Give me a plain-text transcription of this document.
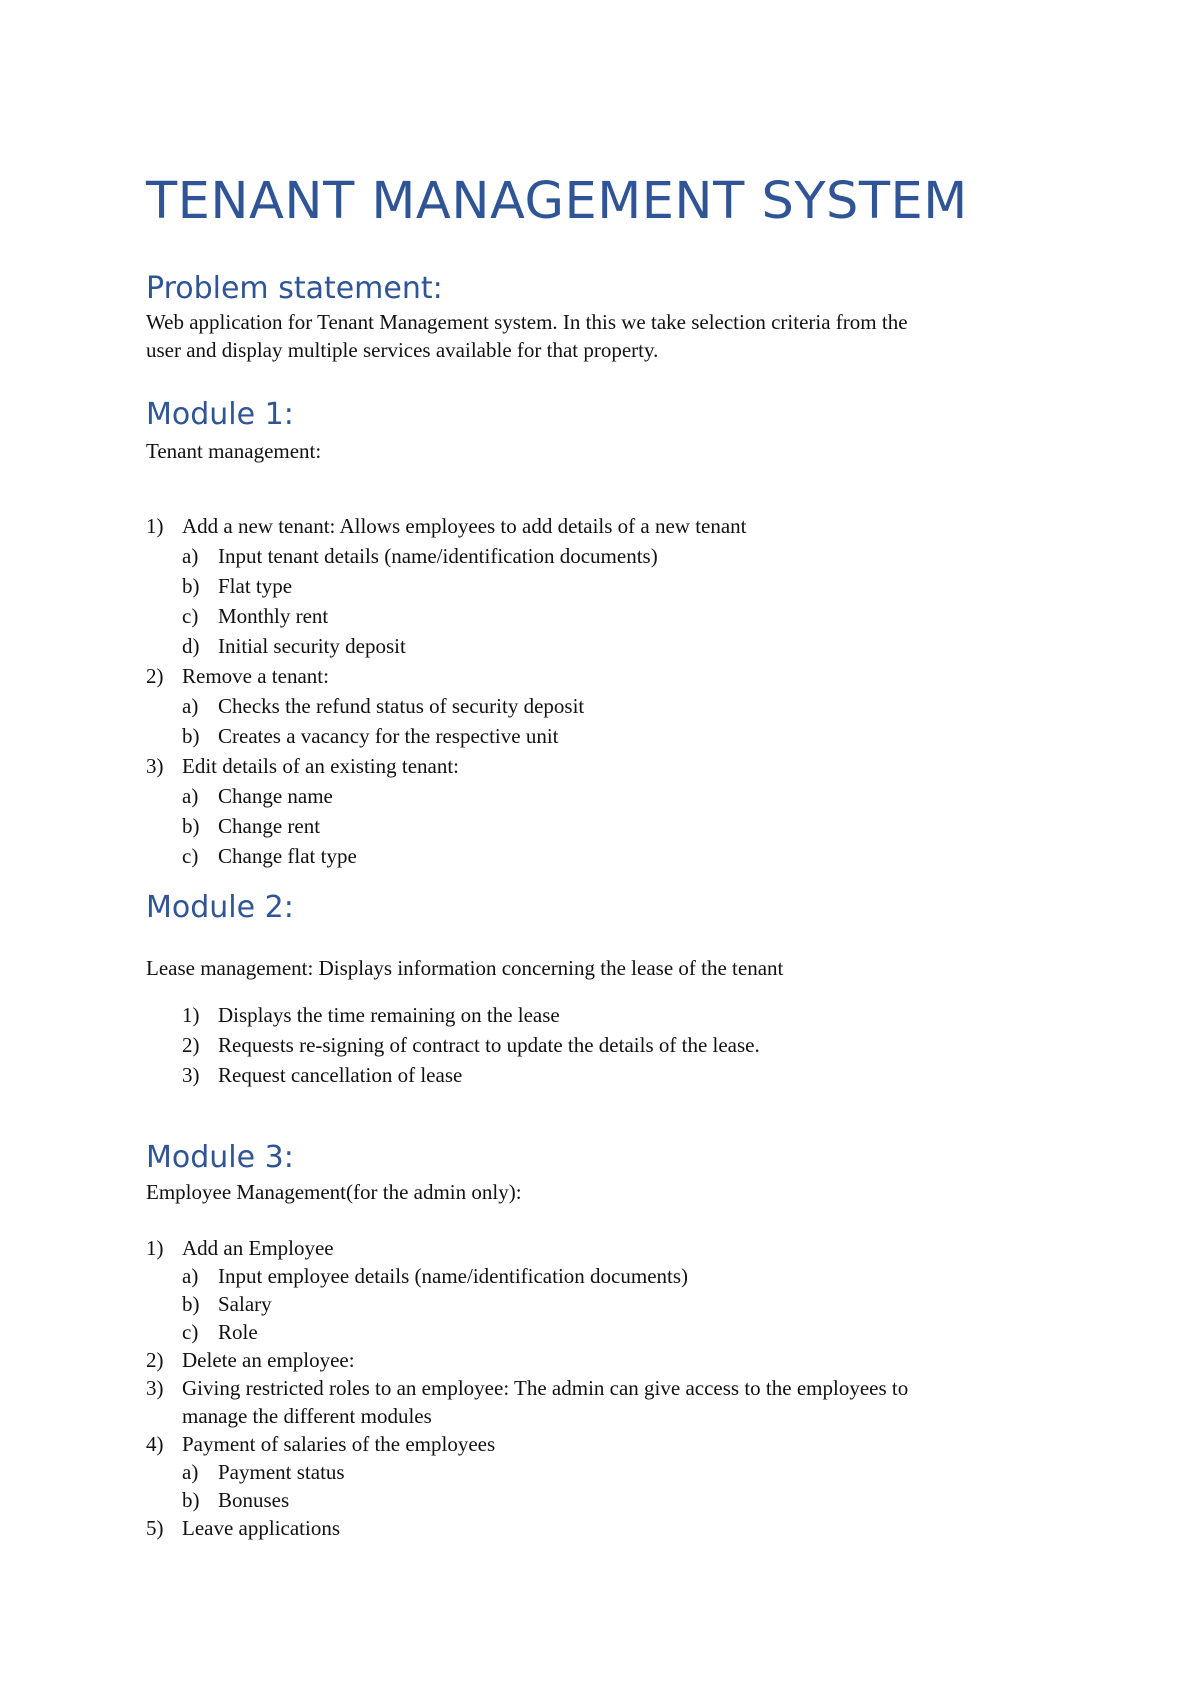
TENANT MANAGEMENT SYSTEM
Problem statement:
Web application for Tenant Management system. In this we take selection criteria from the
user and display multiple services available for that property.
Module 1:
Tenant management:
1) Add a new tenant: Allows employees to add details of a new tenant
a) Input tenant details (name/identification documents)
b) Flat type
c) Monthly rent
d) Initial security deposit
2) Remove a tenant:
a) Checks the refund status of security deposit
b) Creates a vacancy for the respective unit
3) Edit details of an existing tenant:
a) Change name
b) Change rent
c) Change flat type
Module 2:
Lease management: Displays information concerning the lease of the tenant
1) Displays the time remaining on the lease
2) Requests re-signing of contract to update the details of the lease.
3) Request cancellation of lease
Module 3:
Employee Management(for the admin only):
1) Add an Employee
a) Input employee details (name/identification documents)
b) Salary
c) Role
2) Delete an employee:
3) Giving restricted roles to an employee: The admin can give access to the employees to
manage the different modules
4) Payment of salaries of the employees
a) Payment status
b) Bonuses
5) Leave applications
